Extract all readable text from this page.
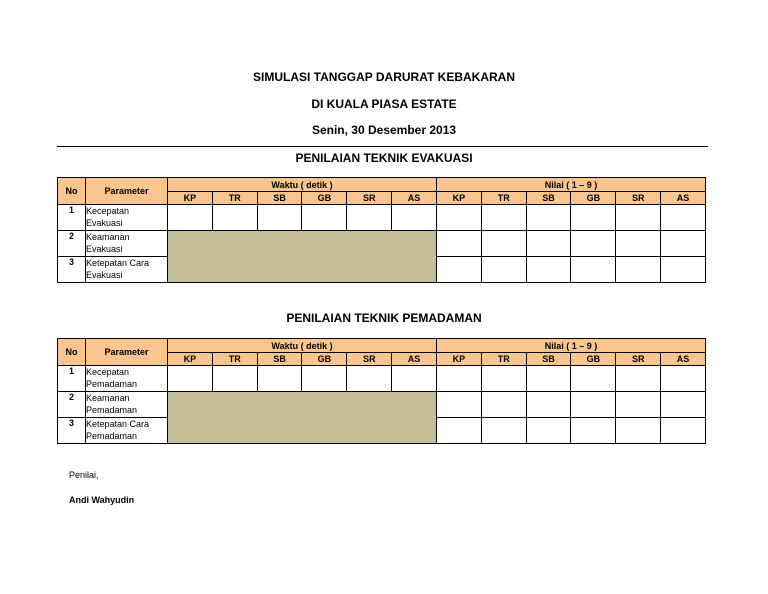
SIMULASI TANGGAP DARURAT KEBAKARAN
DI KUALA PIASA ESTATE
Senin, 30 Desember 2013
PENILAIAN TEKNIK EVAKUASI
No	Parameter	Waktu ( detik )						Nilai ( 1 – 9 )					
		KP	TR	SB	GB	SR	AS	KP	TR	SB	GB	SR	AS
1	Kecepatan Evakuasi												
2	Keamanan Evakuasi												
3	Ketepatan Cara Evakuasi												
PENILAIAN TEKNIK PEMADAMAN
No	Parameter	Waktu ( detik )						Nilai ( 1 – 9 )					
		KP	TR	SB	GB	SR	AS	KP	TR	SB	GB	SR	AS
1	Kecepatan Pemadaman												
2	Keamanan Pemadaman												
3	Ketepatan Cara Pemadaman												
Penilai,
Andi Wahyudin
